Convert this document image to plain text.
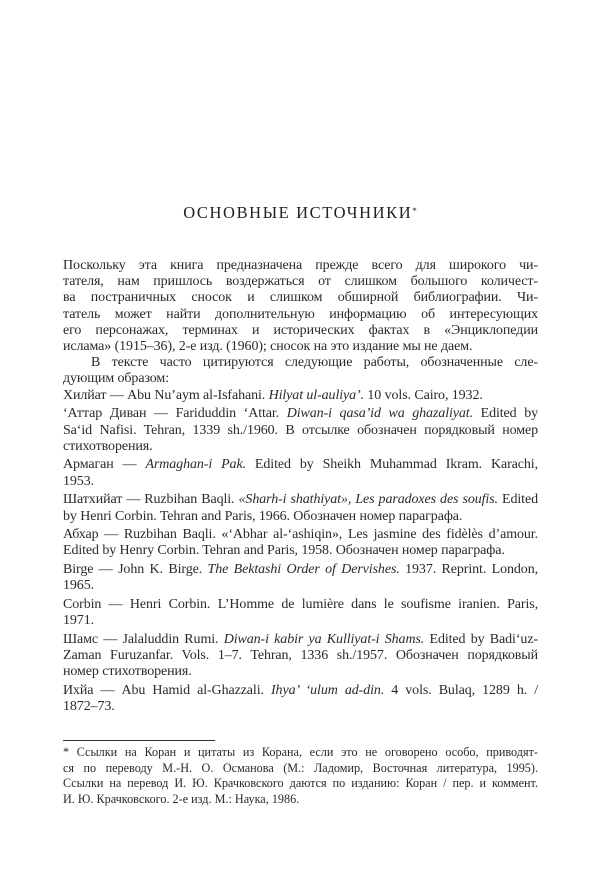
ОСНОВНЫЕ ИСТОЧНИКИ*
Поскольку эта книга предназначена прежде всего для широкого чи-
тателя, нам пришлось воздержаться от слишком большого количест-
ва постраничных сносок и слишком обширной библиографии. Чи-
татель может найти дополнительную информацию об интересующих
его персонажах, терминах и исторических фактах в «Энциклопедии
ислама» (1915–36), 2-е изд. (1960); сноcок на это издание мы не даем.
В тексте часто цитируются следующие работы, обозначенные сле-
дующим образом:
Хилйат — Abu Nu’aym al-Isfahani. Hilyat ul-auliya’. 10 vols. Cairo, 1932.
‘Аттар Диван — Fariduddin ‘Attar. Diwan-i qasa’id wa ghazaliyat. Edited by
Sa‘id Nafisi. Tehran, 1339 sh./1960. В отсылке обозначен порядковый номер
стихотворения.
Армаган — Armaghan-i Pak. Edited by Sheikh Muhammad Ikram. Karachi,
1953.
Шатхийат — Ruzbihan Baqli. «Sharh-i shathiyat», Les paradoxes des soufis. Edited
by Henri Corbin. Tehran and Paris, 1966. Обозначен номер параграфа.
Абхар — Ruzbihan Baqli. «‘Abhar al-‘ashiqin», Les jasmine des fidèlès d’amour.
Edited by Henry Corbin. Tehran and Paris, 1958. Обозначен номер параграфа.
Birge — John K. Birge. The Bektashi Order of Dervishes. 1937. Reprint. London,
1965.
Corbin — Henri Corbin. L’Homme de lumière dans le soufisme iranien. Paris,
1971.
Шамс — Jalaluddin Rumi. Diwan-i kabir ya Kulliyat-i Shams. Edited by Badi‘uz-
Zaman Furuzanfar. Vols. 1–7. Tehran, 1336 sh./1957. Обозначен порядковый
номер стихотворения.
Ихйа — Abu Hamid al-Ghazzali. Ihya’ ‘ulum ad-din. 4 vols. Bulaq, 1289 h. /
1872–73.
* Ссылки на Коран и цитаты из Корана, если это не оговорено особо, приводят-
ся по переводу М.-Н. О. Османова (М.: Ладомир, Восточная литература, 1995).
Ссылки на перевод И. Ю. Крачковского даются по изданию: Коран / пер. и коммент.
И. Ю. Крачковского. 2-е изд. М.: Наука, 1986.
